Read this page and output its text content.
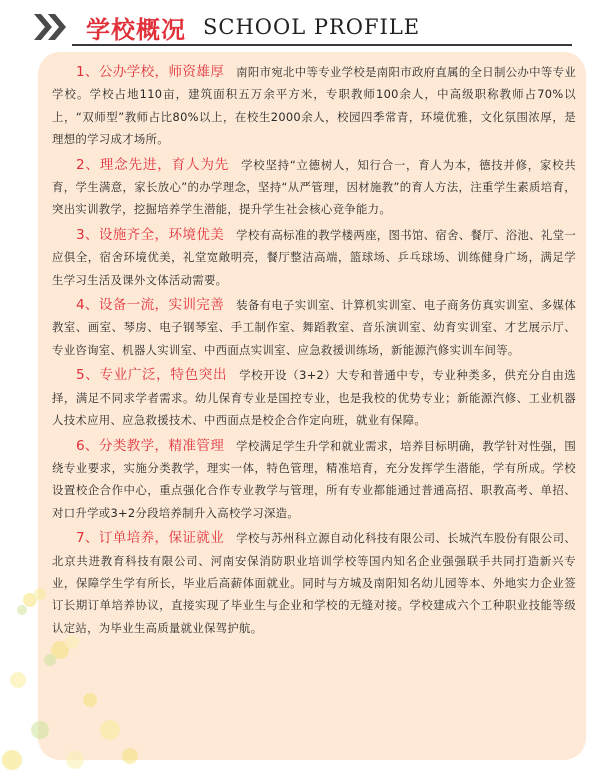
学校概况 SCHOOL PROFILE

1、公办学校，师资雄厚 南阳市宛北中等专业学校是南阳市政府直属的全日制公办中等专业学校。学校占地110亩，建筑面积五万余平方米，专职教师100余人，中高级职称教师占70%以上，“双师型”教师占比80%以上，在校生2000余人，校园四季常青，环境优雅，文化氛围浓厚，是理想的学习成才场所。

2、理念先进，育人为先 学校坚持“立德树人，知行合一，育人为本，德技并修，家校共育，学生满意，家长放心”的办学理念，坚持“从严管理，因材施教”的育人方法，注重学生素质培育，突出实训教学，挖掘培养学生潜能，提升学生社会核心竞争能力。

3、设施齐全，环境优美 学校有高标准的教学楼两座，图书馆、宿舍、餐厅、浴池、礼堂一应俱全，宿舍环境优美，礼堂宽敞明亮，餐厅整洁高端，篮球场、乒乓球场、训练健身广场，满足学生学习生活及课外文体活动需要。

4、设备一流，实训完善 装备有电子实训室、计算机实训室、电子商务仿真实训室、多媒体教室、画室、琴房、电子钢琴室、手工制作室、舞蹈教室、音乐演训室、幼育实训室、才艺展示厅、专业咨询室、机器人实训室、中西面点实训室、应急救援训练场，新能源汽修实训车间等。

5、专业广泛，特色突出 学校开设（3+2）大专和普通中专，专业种类多，供充分自由选择，满足不同求学者需求。幼儿保育专业是国控专业，也是我校的优势专业；新能源汽修、工业机器人技术应用、应急救援技术、中西面点是校企合作定向班，就业有保障。

6、分类教学，精准管理 学校满足学生升学和就业需求，培养目标明确，教学针对性强，围绕专业要求，实施分类教学，理实一体，特色管理，精准培育，充分发挥学生潜能，学有所成。学校设置校企合作中心，重点强化合作专业教学与管理，所有专业都能通过普通高招、职教高考、单招、对口升学或3+2分段培养制升入高校学习深造。

7、订单培养，保证就业 学校与苏州科立源自动化科技有限公司、长城汽车股份有限公司、北京共进教育科技有限公司、河南安保消防职业培训学校等国内知名企业强强联手共同打造新兴专业，保障学生学有所长，毕业后高薪体面就业。同时与方城及南阳知名幼儿园等本、外地实力企业签订长期订单培养协议，直接实现了毕业生与企业和学校的无缝对接。学校建成六个工种职业技能等级认定站，为毕业生高质量就业保驾护航。
